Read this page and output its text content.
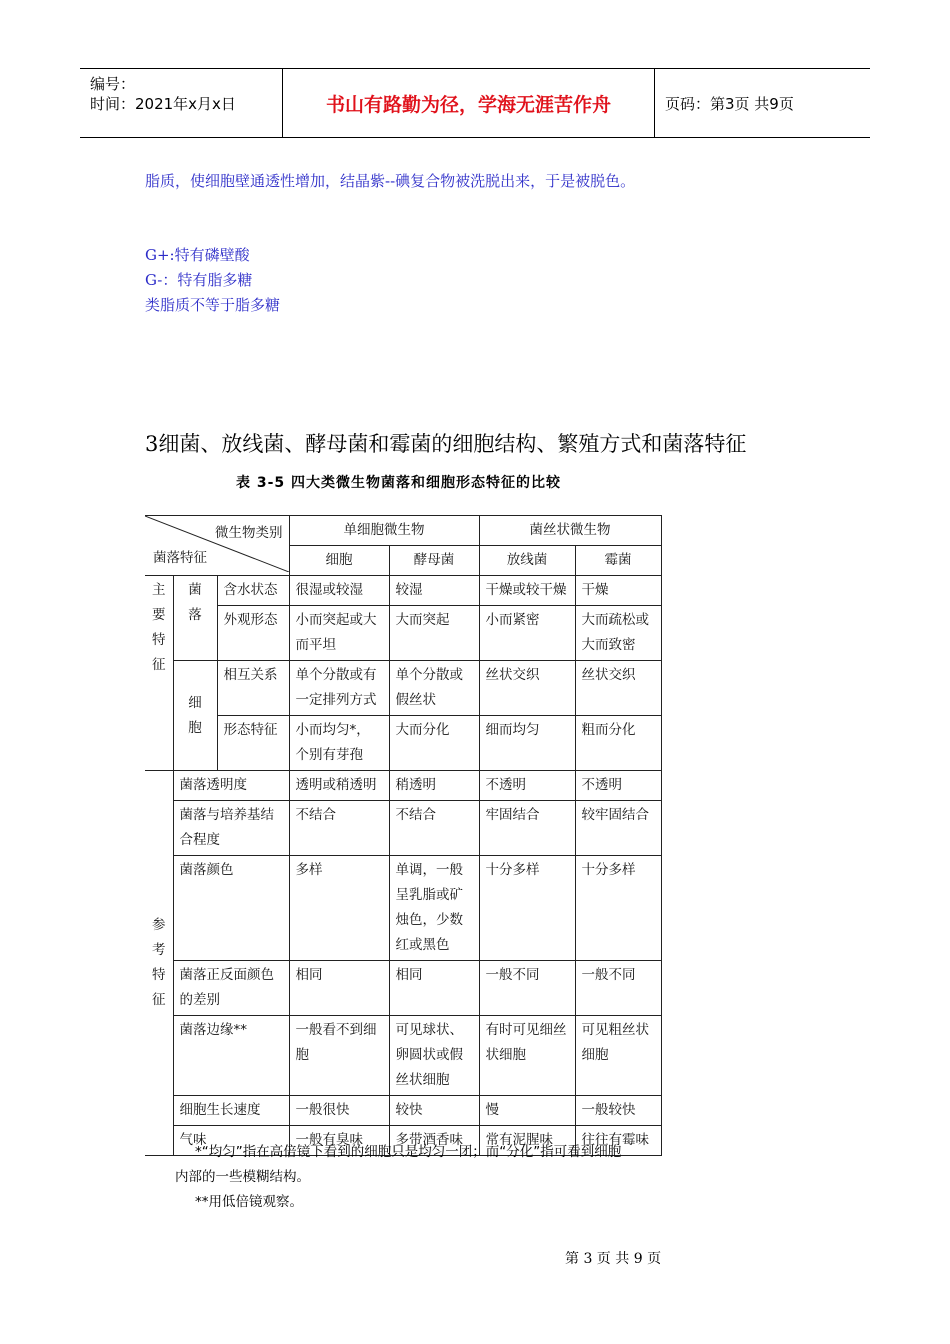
编号：
时间：2021年x月x日	书山有路勤为径，学海无涯苦作舟	页码：第3页 共9页
脂质，使细胞壁通透性增加，结晶紫--碘复合物被洗脱出来，于是被脱色。
G+:特有磷壁酸
G-：特有脂多糖
类脂质不等于脂多糖
3细菌、放线菌、酵母菌和霉菌的细胞结构、繁殖方式和菌落特征
表 3-5 四大类微生物菌落和细胞形态特征的比较
微生物类别
菌落特征			单细胞微生物		菌丝状微生物	
			细胞	酵母菌	放线菌	霉菌
主
要
特
征	菌
落	含水状态	很湿或较湿	较湿	干燥或较干燥	干燥
		外观形态	小而突起或大而平坦	大而突起	小而紧密	大而疏松或大而致密
	细
胞	相互关系	单个分散或有一定排列方式	单个分散或假丝状	丝状交织	丝状交织
		形态特征	小而均匀*，个别有芽孢	大而分化	细而均匀	粗而分化
参
考
特
征	菌落透明度		透明或稍透明	稍透明	不透明	不透明
	菌落与培养基结合程度		不结合	不结合	牢固结合	较牢固结合
	菌落颜色		多样	单调，一般呈乳脂或矿烛色，少数红或黑色	十分多样	十分多样
	菌落正反面颜色的差别		相同	相同	一般不同	一般不同
	菌落边缘**		一般看不到细胞	可见球状、卵圆状或假丝状细胞	有时可见细丝状细胞	可见粗丝状细胞
	细胞生长速度		一般很快	较快	慢	一般较快
	气味		一般有臭味	多带酒香味	常有泥腥味	往往有霉味
*“均匀”指在高倍镜下看到的细胞只是均匀一团；而“分化”指可看到细胞
内部的一些模糊结构。
**用低倍镜观察。
第 3 页 共 9 页
